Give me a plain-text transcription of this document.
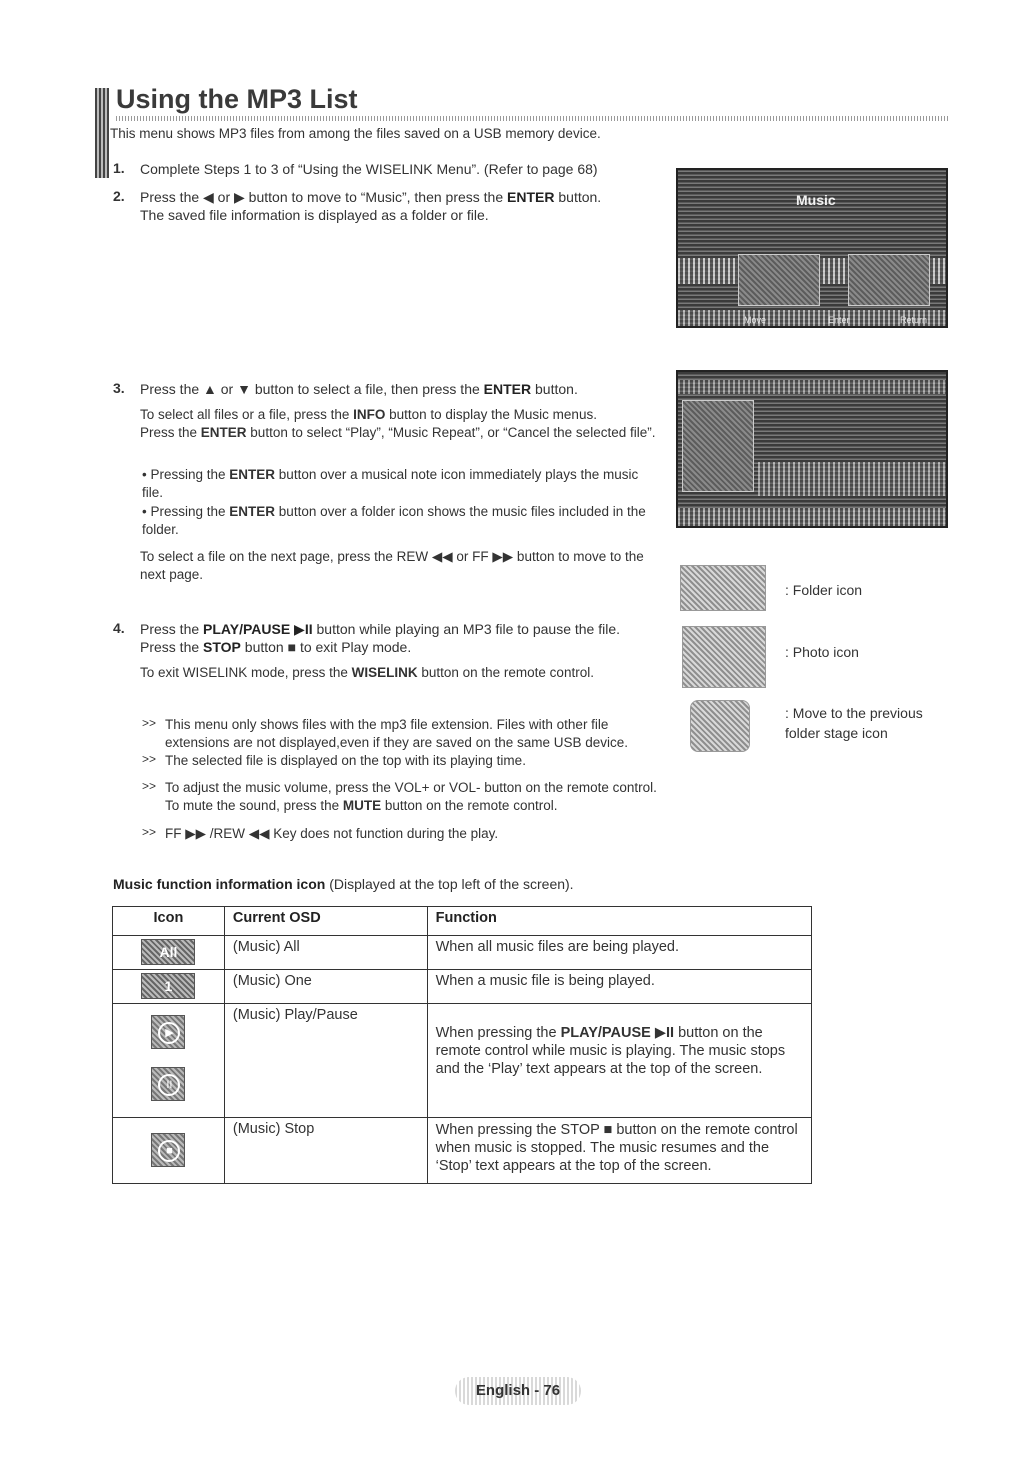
Using the MP3 List
This menu shows MP3 files from among the files saved on a USB memory device.
1. Complete Steps 1 to 3 of “Using the WISELINK Menu”. (Refer to page 68)
2. Press the ◀ or ▶ button to move to “Music”, then press the ENTER button.
The saved file information is displayed as a folder or file.
Music
Move	Enter	Return
3. Press the ▲ or ▼ button to select a file, then press the ENTER button.
To select all files or a file, press the INFO button to display the Music menus.
Press the ENTER button to select “Play”, “Music Repeat”, or “Cancel the selected file”.
• Pressing the ENTER button over a musical note icon immediately plays the music file.
• Pressing the ENTER button over a folder icon shows the music files included in the folder.
To select a file on the next page, press the REW ◀◀ or FF ▶▶ button to move to the next page.
: Folder icon
: Photo icon
: Move to the previous folder stage icon
4. Press the PLAY/PAUSE ▶II button while playing an MP3 file to pause the file.
Press the STOP button ■ to exit Play mode.
To exit WISELINK mode, press the WISELINK button on the remote control.
>> This menu only shows files with the mp3 file extension. Files with other file extensions are not displayed,even if they are saved on the same USB device.
>> The selected file is displayed on the top with its playing time.
>> To adjust the music volume, press the VOL+ or VOL- button on the remote control. To mute the sound, press the MUTE button on the remote control.
>> FF ▶▶ /REW ◀◀ Key does not function during the play.
Music function information icon (Displayed at the top left of the screen).
Icon	Current OSD	Function
All	(Music) All	When all music files are being played.
1	(Music) One	When a music file is being played.

▶
II	(Music) Play/Pause	When pressing the PLAY/PAUSE ▶II button on the remote control while music is playing. The music stops and the ‘Play’ text appears at the top of the screen.

■	(Music) Stop	When pressing the STOP ■ button on the remote control when music is stopped. The music resumes and the ‘Stop’ text appears at the top of the screen.
English - 76
